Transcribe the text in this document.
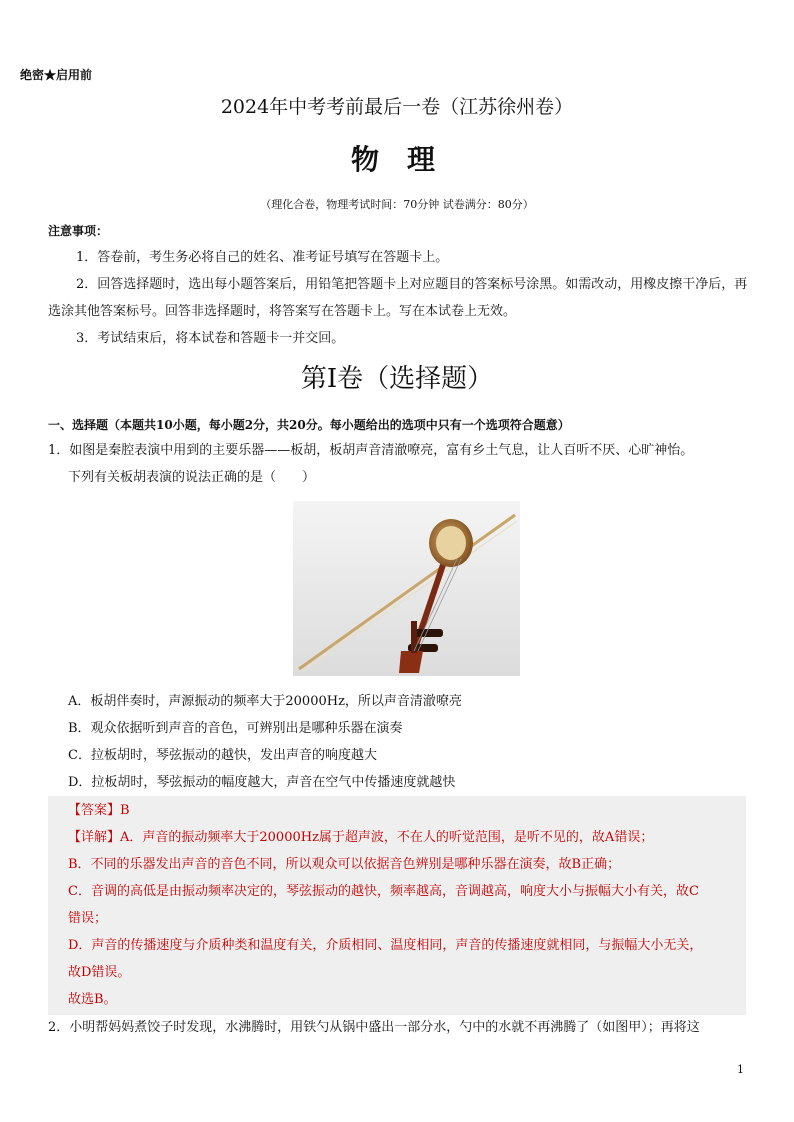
绝密★启用前
2024年中考考前最后一卷（江苏徐州卷）
物理
（理化合卷，物理考试时间：70分钟 试卷满分：80分）
注意事项：
1．答卷前，考生务必将自己的姓名、准考证号填写在答题卡上。
2．回答选择题时，选出每小题答案后，用铅笔把答题卡上对应题目的答案标号涂黑。如需改动，用橡皮擦干净后，再选涂其他答案标号。回答非选择题时，将答案写在答题卡上。写在本试卷上无效。
3．考试结束后，将本试卷和答题卡一并交回。
第Ⅰ卷（选择题）
一、选择题（本题共10小题，每小题2分，共20分。每小题给出的选项中只有一个选项符合题意）
1．如图是秦腔表演中用到的主要乐器——板胡，板胡声音清澈嘹亮，富有乡土气息，让人百听不厌、心旷神怡。
下列有关板胡表演的说法正确的是（　　）
A．板胡伴奏时，声源振动的频率大于20000Hz，所以声音清澈嘹亮
B．观众依据听到声音的音色，可辨别出是哪种乐器在演奏
C．拉板胡时，琴弦振动的越快，发出声音的响度越大
D．拉板胡时，琴弦振动的幅度越大，声音在空气中传播速度就越快
【答案】B
【详解】A．声音的振动频率大于20000Hz属于超声波，不在人的听觉范围，是听不见的，故A错误；
B．不同的乐器发出声音的音色不同，所以观众可以依据音色辨别是哪种乐器在演奏，故B正确；
C．音调的高低是由振动频率决定的，琴弦振动的越快，频率越高，音调越高，响度大小与振幅大小有关，故C
错误；
D．声音的传播速度与介质种类和温度有关，介质相同、温度相同，声音的传播速度就相同，与振幅大小无关，
故D错误。
故选B。
2．小明帮妈妈煮饺子时发现，水沸腾时，用铁勺从锅中盛出一部分水，勺中的水就不再沸腾了（如图甲）；再将这
1
